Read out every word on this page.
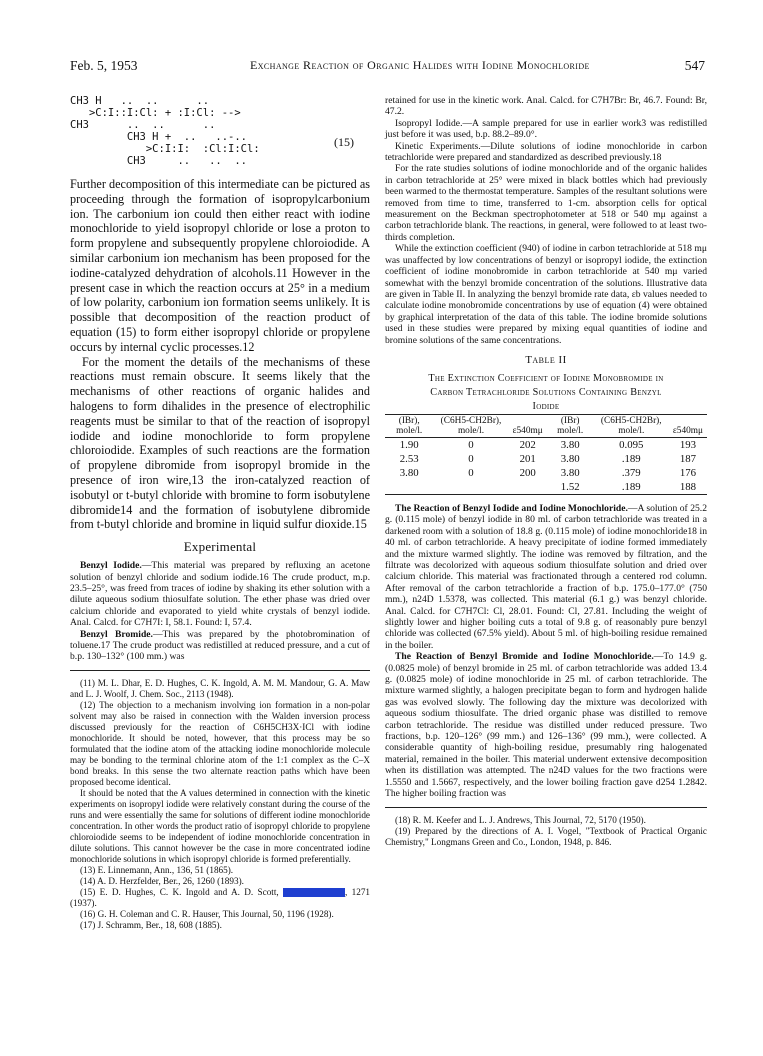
Feb. 5, 1953	Exchange Reaction of Organic Halides with Iodine Monochloride	547
CH3 H   ..  ..      ..
>C:I::I:Cl: + :I:Cl: -->
CH3      ..  ..      ..
CH3 H +  ..   ..-..
>C:I:I:  :Cl:I:Cl:
CH3     ..   ..  ..
(15)

Further decomposition of this intermediate can be pictured as proceeding through the formation of isopropylcarbonium ion. The carbonium ion could then either react with iodine monochloride to yield isopropyl chloride or lose a proton to form propylene and subsequently propylene chloroiodide. A similar carbonium ion mechanism has been proposed for the iodine-catalyzed dehydration of alcohols.11 However in the present case in which the reaction occurs at 25° in a medium of low polarity, carbonium ion formation seems unlikely. It is possible that decomposition of the reaction product of equation (15) to form either isopropyl chloride or propylene occurs by internal cyclic processes.12

For the moment the details of the mechanisms of these reactions must remain obscure. It seems likely that the mechanisms of other reactions of organic halides and halogens to form dihalides in the presence of electrophilic reagents must be similar to that of the reaction of isopropyl iodide and iodine monochloride to form propylene chloroiodide. Examples of such reactions are the formation of propylene dibromide from isopropyl bromide in the presence of iron wire,13 the iron-catalyzed reaction of isobutyl or t-butyl chloride with bromine to form isobutylene dibromide14 and the formation of isobutylene dibromide from t-butyl chloride and bromine in liquid sulfur dioxide.15

Experimental

Benzyl Iodide.—This material was prepared by refluxing an acetone solution of benzyl chloride and sodium iodide.16 The crude product, m.p. 23.5–25°, was freed from traces of iodine by shaking its ether solution with a dilute aqueous sodium thiosulfate solution. The ether phase was dried over calcium chloride and evaporated to yield white crystals of benzyl iodide. Anal. Calcd. for C7H7I: I, 58.1. Found: I, 57.4.

Benzyl Bromide.—This was prepared by the photobromination of toluene.17 The crude product was redistilled at reduced pressure, and a cut of b.p. 130–132° (100 mm.) was

(11) M. L. Dhar, E. D. Hughes, C. K. Ingold, A. M. M. Mandour, G. A. Maw and L. J. Woolf, J. Chem. Soc., 2113 (1948).

(12) The objection to a mechanism involving ion formation in a non-polar solvent may also be raised in connection with the Walden inversion process discussed previously for the reaction of C6H5CH3X·ICl with iodine monochloride. It should be noted, however, that this process may be so formulated that the iodine atom of the attacking iodine monochloride molecule may be bonding to the terminal chlorine atom of the 1:1 complex as the C–X bond breaks. In this sense the two alternate reaction paths which have been proposed become identical.

It should be noted that the A values determined in connection with the kinetic experiments on isopropyl iodide were relatively constant during the course of the runs and were essentially the same for solutions of different iodine monochloride concentration. In other words the product ratio of isopropyl chloride to propylene chloroiodide seems to be independent of iodine monochloride concentration in dilute solutions. This cannot however be the case in more concentrated iodine monochloride solutions in which isopropyl chloride is formed preferentially.

(13) E. Linnemann, Ann., 136, 51 (1865).

(14) A. D. Herzfelder, Ber., 26, 1260 (1893).

(15) E. D. Hughes, C. K. Ingold and A. D. Scott,	, 1271 (1937).

(16) G. H. Coleman and C. R. Hauser, This Journal, 50, 1196 (1928).

(17) J. Schramm, Ber., 18, 608 (1885).

retained for use in the kinetic work. Anal. Calcd. for C7H7Br: Br, 46.7. Found: Br, 47.2.

Isopropyl Iodide.—A sample prepared for use in earlier work3 was redistilled just before it was used, b.p. 88.2–89.0°.

Kinetic Experiments.—Dilute solutions of iodine monochloride in carbon tetrachloride were prepared and standardized as described previously.18

For the rate studies solutions of iodine monochloride and of the organic halides in carbon tetrachloride at 25° were mixed in black bottles which had previously been warmed to the thermostat temperature. Samples of the resultant solutions were removed from time to time, transferred to 1-cm. absorption cells for optical measurement on the Beckman spectrophotometer at 518 or 540 mμ against a carbon tetrachloride blank. The reactions, in general, were followed to at least two-thirds completion.

While the extinction coefficient (940) of iodine in carbon tetrachloride at 518 mμ was unaffected by low concentrations of benzyl or isopropyl iodide, the extinction coefficient of iodine monobromide in carbon tetrachloride at 540 mμ varied somewhat with the benzyl bromide concentration of the solutions. Illustrative data are given in Table II. In analyzing the benzyl bromide rate data, εb values needed to calculate iodine monobromide concentrations by use of equation (4) were obtained by graphical interpretation of the data of this table. The iodine bromide solutions used in these studies were prepared by mixing equal quantities of iodine and bromine solutions of the same concentrations.

Table II

The Extinction Coefficient of Iodine Monobromide in

Carbon Tetrachloride Solutions Containing Benzyl

Iodide

(IBr), mole/l.	(C6H5-CH2Br), mole/l.	ε540mμ	(IBr) mole/l.	(C6H5-CH2Br), mole/l.	ε540mμ
1.90	0	202	3.80	0.095	193
2.53	0	201	3.80	.189	187
3.80	0	200	3.80	.379	176
			1.52	.189	188

The Reaction of Benzyl Iodide and Iodine Monochloride.—A solution of 25.2 g. (0.115 mole) of benzyl iodide in 80 ml. of carbon tetrachloride was treated in a darkened room with a solution of 18.8 g. (0.115 mole) of iodine monochloride18 in 40 ml. of carbon tetrachloride. A heavy precipitate of iodine formed immediately and the mixture warmed slightly. The iodine was removed by filtration, and the filtrate was decolorized with aqueous sodium thiosulfate solution and dried over calcium chloride. This material was fractionated through a centered rod column. After removal of the carbon tetrachloride a fraction of b.p. 175.0–177.0° (750 mm.), n24D 1.5378, was collected. This material (6.1 g.) was benzyl chloride. Anal. Calcd. for C7H7Cl: Cl, 28.01. Found: Cl, 27.81. Including the weight of slightly lower and higher boiling cuts a total of 9.8 g. of reasonably pure benzyl chloride was collected (67.5% yield). About 5 ml. of high-boiling residue remained in the boiler.

The Reaction of Benzyl Bromide and Iodine Monochloride.—To 14.9 g. (0.0825 mole) of benzyl bromide in 25 ml. of carbon tetrachloride was added 13.4 g. (0.0825 mole) of iodine monochloride in 25 ml. of carbon tetrachloride. The mixture warmed slightly, a halogen precipitate began to form and hydrogen halide gas was evolved slowly. The following day the mixture was decolorized with aqueous sodium thiosulfate. The dried organic phase was distilled to remove carbon tetrachloride. The residue was distilled under reduced pressure. Two fractions, b.p. 120–126° (99 mm.) and 126–136° (99 mm.), were collected. A considerable quantity of high-boiling residue, presumably ring halogenated material, remained in the boiler. This material underwent extensive decomposition when its distillation was attempted. The n24D values for the two fractions were 1.5550 and 1.5667, respectively, and the lower boiling fraction gave d254 1.2842. The higher boiling fraction was

(18) R. M. Keefer and L. J. Andrews, This Journal, 72, 5170 (1950).

(19) Prepared by the directions of A. I. Vogel, "Textbook of Practical Organic Chemistry," Longmans Green and Co., London, 1948, p. 846.
